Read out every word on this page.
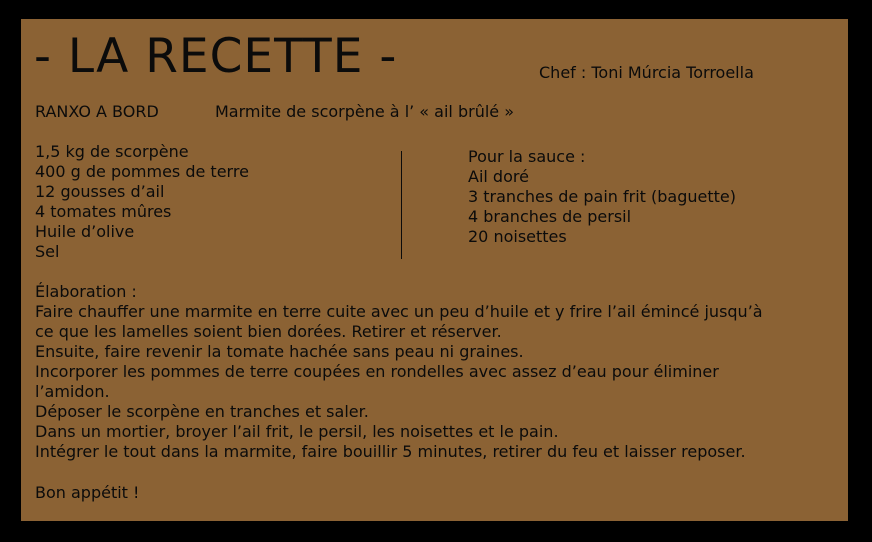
- LA RECETTE -	Chef : Toni Múrcia Torroella
RANXO A BORD	Marmite de scorpène à l’ « ail brûlé »
1,5 kg de scorpène
400 g de pommes de terre
12 gousses d’ail
4 tomates mûres
Huile d’olive
Sel
Pour la sauce :
Ail doré
3 tranches de pain frit (baguette)
4 branches de persil
20 noisettes
Élaboration :
Faire chauffer une marmite en terre cuite avec un peu d’huile et y frire l’ail émincé jusqu’à
ce que les lamelles soient bien dorées. Retirer et réserver.
Ensuite, faire revenir la tomate hachée sans peau ni graines.
Incorporer les pommes de terre coupées en rondelles avec assez d’eau pour éliminer
l’amidon.
Déposer le scorpène en tranches et saler.
Dans un mortier, broyer l’ail frit, le persil, les noisettes et le pain.
Intégrer le tout dans la marmite, faire bouillir 5 minutes, retirer du feu et laisser reposer.
Bon appétit !
